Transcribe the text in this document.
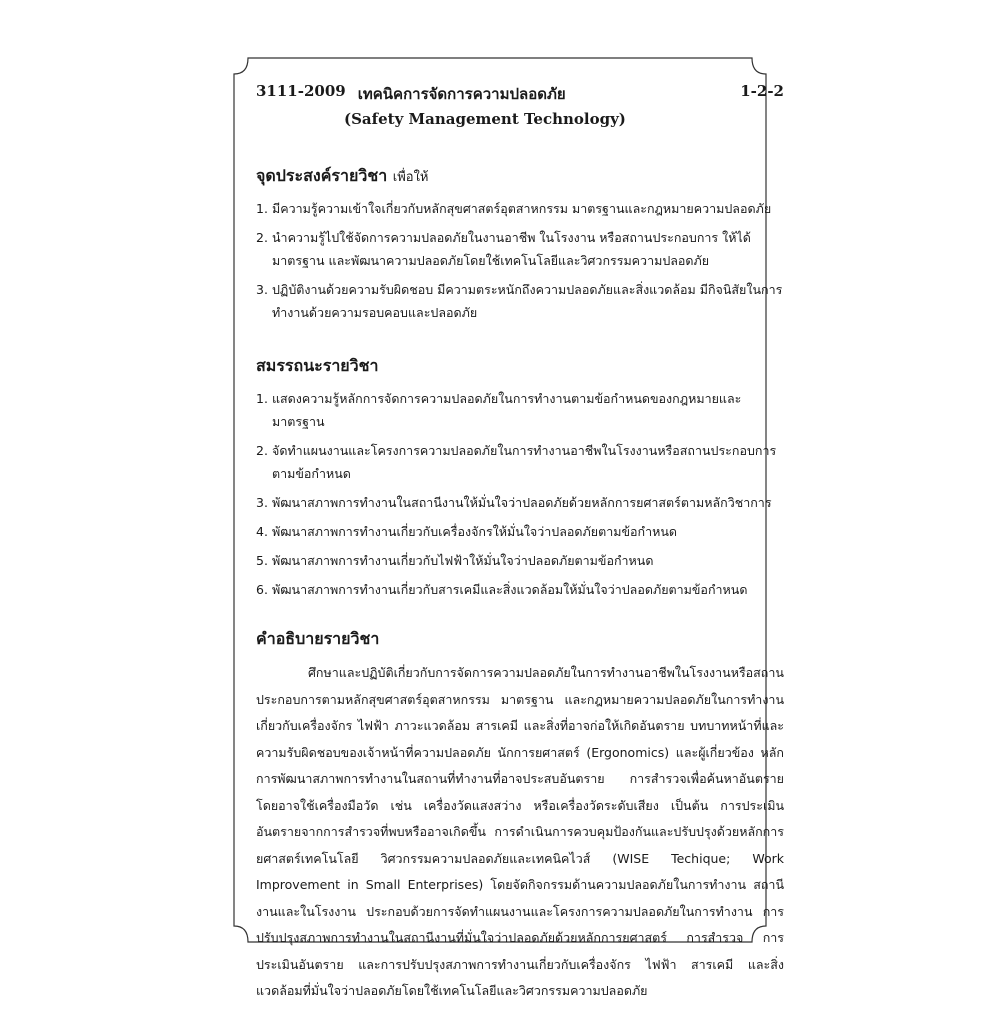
3111-2009 เทคนิคการจัดการความปลอดภัย	1-2-2
(Safety Management Technology)
จุดประสงค์รายวิชา เพื่อให้
1. มีความรู้ความเข้าใจเกี่ยวกับหลักสุขศาสตร์อุตสาหกรรม มาตรฐานและกฎหมายความปลอดภัย
2. นำความรู้ไปใช้จัดการความปลอดภัยในงานอาชีพ ในโรงงาน หรือสถานประกอบการ ให้ได้มาตรฐาน และพัฒนาความปลอดภัยโดยใช้เทคโนโลยีและวิศวกรรมความปลอดภัย
3. ปฏิบัติงานด้วยความรับผิดชอบ มีความตระหนักถึงความปลอดภัยและสิ่งแวดล้อม มีกิจนิสัยในการทำงานด้วยความรอบคอบและปลอดภัย
สมรรถนะรายวิชา
1. แสดงความรู้หลักการจัดการความปลอดภัยในการทำงานตามข้อกำหนดของกฎหมายและมาตรฐาน
2. จัดทำแผนงานและโครงการความปลอดภัยในการทำงานอาชีพในโรงงานหรือสถานประกอบการตามข้อกำหนด
3. พัฒนาสภาพการทำงานในสถานีงานให้มั่นใจว่าปลอดภัยด้วยหลักการยศาสตร์ตามหลักวิชาการ
4. พัฒนาสภาพการทำงานเกี่ยวกับเครื่องจักรให้มั่นใจว่าปลอดภัยตามข้อกำหนด
5. พัฒนาสภาพการทำงานเกี่ยวกับไฟฟ้าให้มั่นใจว่าปลอดภัยตามข้อกำหนด
6. พัฒนาสภาพการทำงานเกี่ยวกับสารเคมีและสิ่งแวดล้อมให้มั่นใจว่าปลอดภัยตามข้อกำหนด
คำอธิบายรายวิชา

ศึกษาและปฏิบัติเกี่ยวกับการจัดการความปลอดภัยในการทำงานอาชีพในโรงงานหรือสถานประกอบการตามหลักสุขศาสตร์อุตสาหกรรม มาตรฐาน และกฎหมายความปลอดภัยในการทำงานเกี่ยวกับเครื่องจักร ไฟฟ้า ภาวะแวดล้อม สารเคมี และสิ่งที่อาจก่อให้เกิดอันตราย บทบาทหน้าที่และความรับผิดชอบของเจ้าหน้าที่ความปลอดภัย นักการยศาสตร์ (Ergonomics) และผู้เกี่ยวข้อง หลักการพัฒนาสภาพการทำงานในสถานที่ทำงานที่อาจประสบอันตราย การสำรวจเพื่อค้นหาอันตรายโดยอาจใช้เครื่องมือวัด เช่น เครื่องวัดแสงสว่าง หรือเครื่องวัดระดับเสียง เป็นต้น การประเมินอันตรายจากการสำรวจที่พบหรืออาจเกิดขึ้น การดำเนินการควบคุมป้องกันและปรับปรุงด้วยหลักการยศาสตร์เทคโนโลยี วิศวกรรมความปลอดภัยและเทคนิคไวส์ (WISE Techique; Work Improvement in Small Enterprises) โดยจัดกิจกรรมด้านความปลอดภัยในการทำงาน สถานีงานและในโรงงาน ประกอบด้วยการจัดทำแผนงานและโครงการความปลอดภัยในการทำงาน การปรับปรุงสภาพการทำงานในสถานีงานที่มั่นใจว่าปลอดภัยด้วยหลักการยศาสตร์ การสำรวจ การประเมินอันตราย และการปรับปรุงสภาพการทำงานเกี่ยวกับเครื่องจักร ไฟฟ้า สารเคมี และสิ่งแวดล้อมที่มั่นใจว่าปลอดภัยโดยใช้เทคโนโลยีและวิศวกรรมความปลอดภัย
